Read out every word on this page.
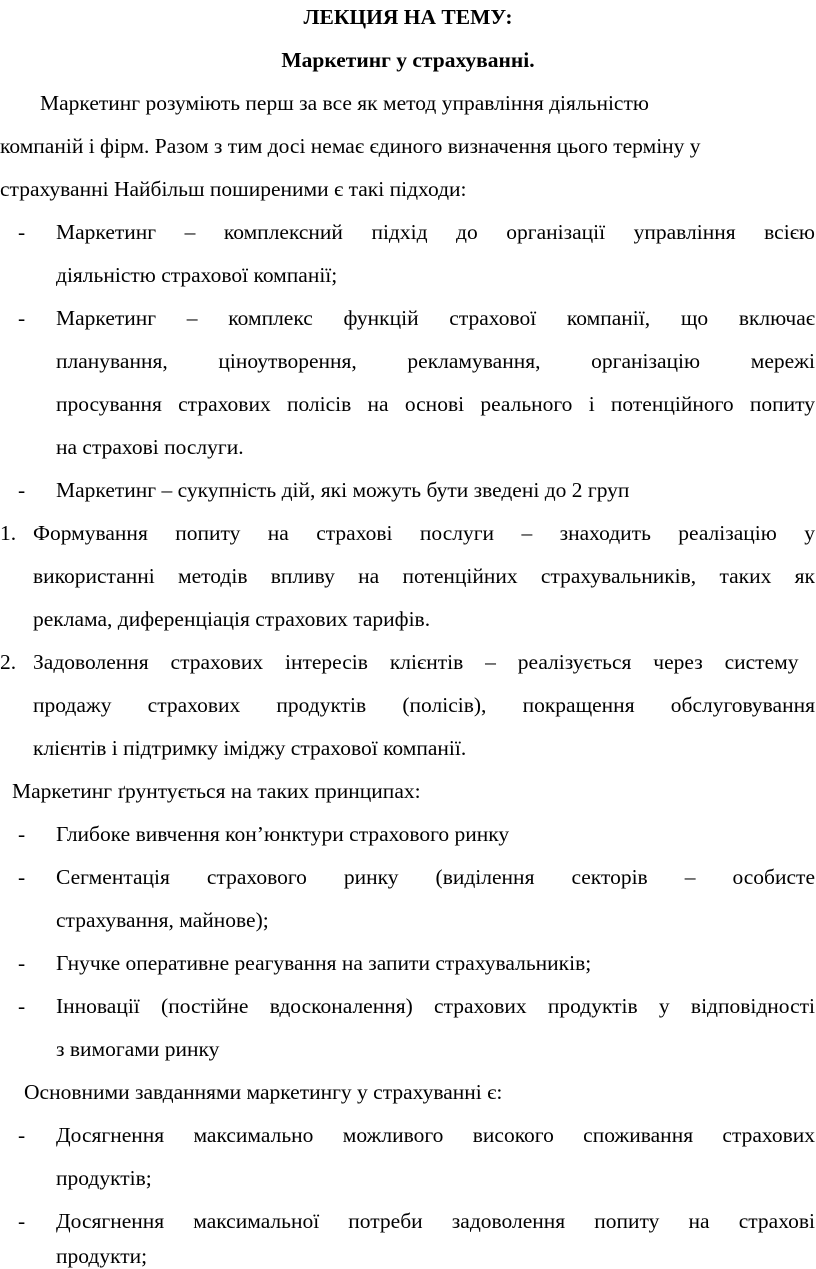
ЛЕКЦИЯ НА ТЕМУ:
Маркетинг у страхуванні.
Маркетинг розуміють перш за все як метод управління діяльністю
компаній і фірм. Разом з тим досі немає єдиного визначення цього терміну у
страхуванні Найбільш поширеними є такі підходи:
- Маркетинг – комплексний підхід до організації управління всією
діяльністю страхової компанії;
- Маркетинг – комплекс функцій страхової компанії, що включає
планування, ціноутворення, рекламування, організацію мережі
просування страхових полісів на основі реального і потенційного попиту
на страхові послуги.
- Маркетинг – сукупність дій, які можуть бути зведені до 2 груп
1. Формування попиту на страхові послуги – знаходить реалізацію у
використанні методів впливу на потенційних страхувальників, таких як
реклама, диференціація страхових тарифів.
2. Задоволення страхових інтересів клієнтів – реалізується через систему
продажу страхових продуктів (полісів), покращення обслуговування
клієнтів і підтримку іміджу страхової компанії.
Маркетинг ґрунтується на таких принципах:
- Глибоке вивчення кон’юнктури страхового ринку
- Сегментація страхового ринку (виділення секторів – особисте
страхування, майнове);
- Гнучке оперативне реагування на запити страхувальників;
- Інновації (постійне вдосконалення) страхових продуктів у відповідності
з вимогами ринку
Основними завданнями маркетингу у страхуванні є:
- Досягнення максимально можливого високого споживання страхових
продуктів;
- Досягнення максимальної потреби задоволення попиту на страхові
продукти;
